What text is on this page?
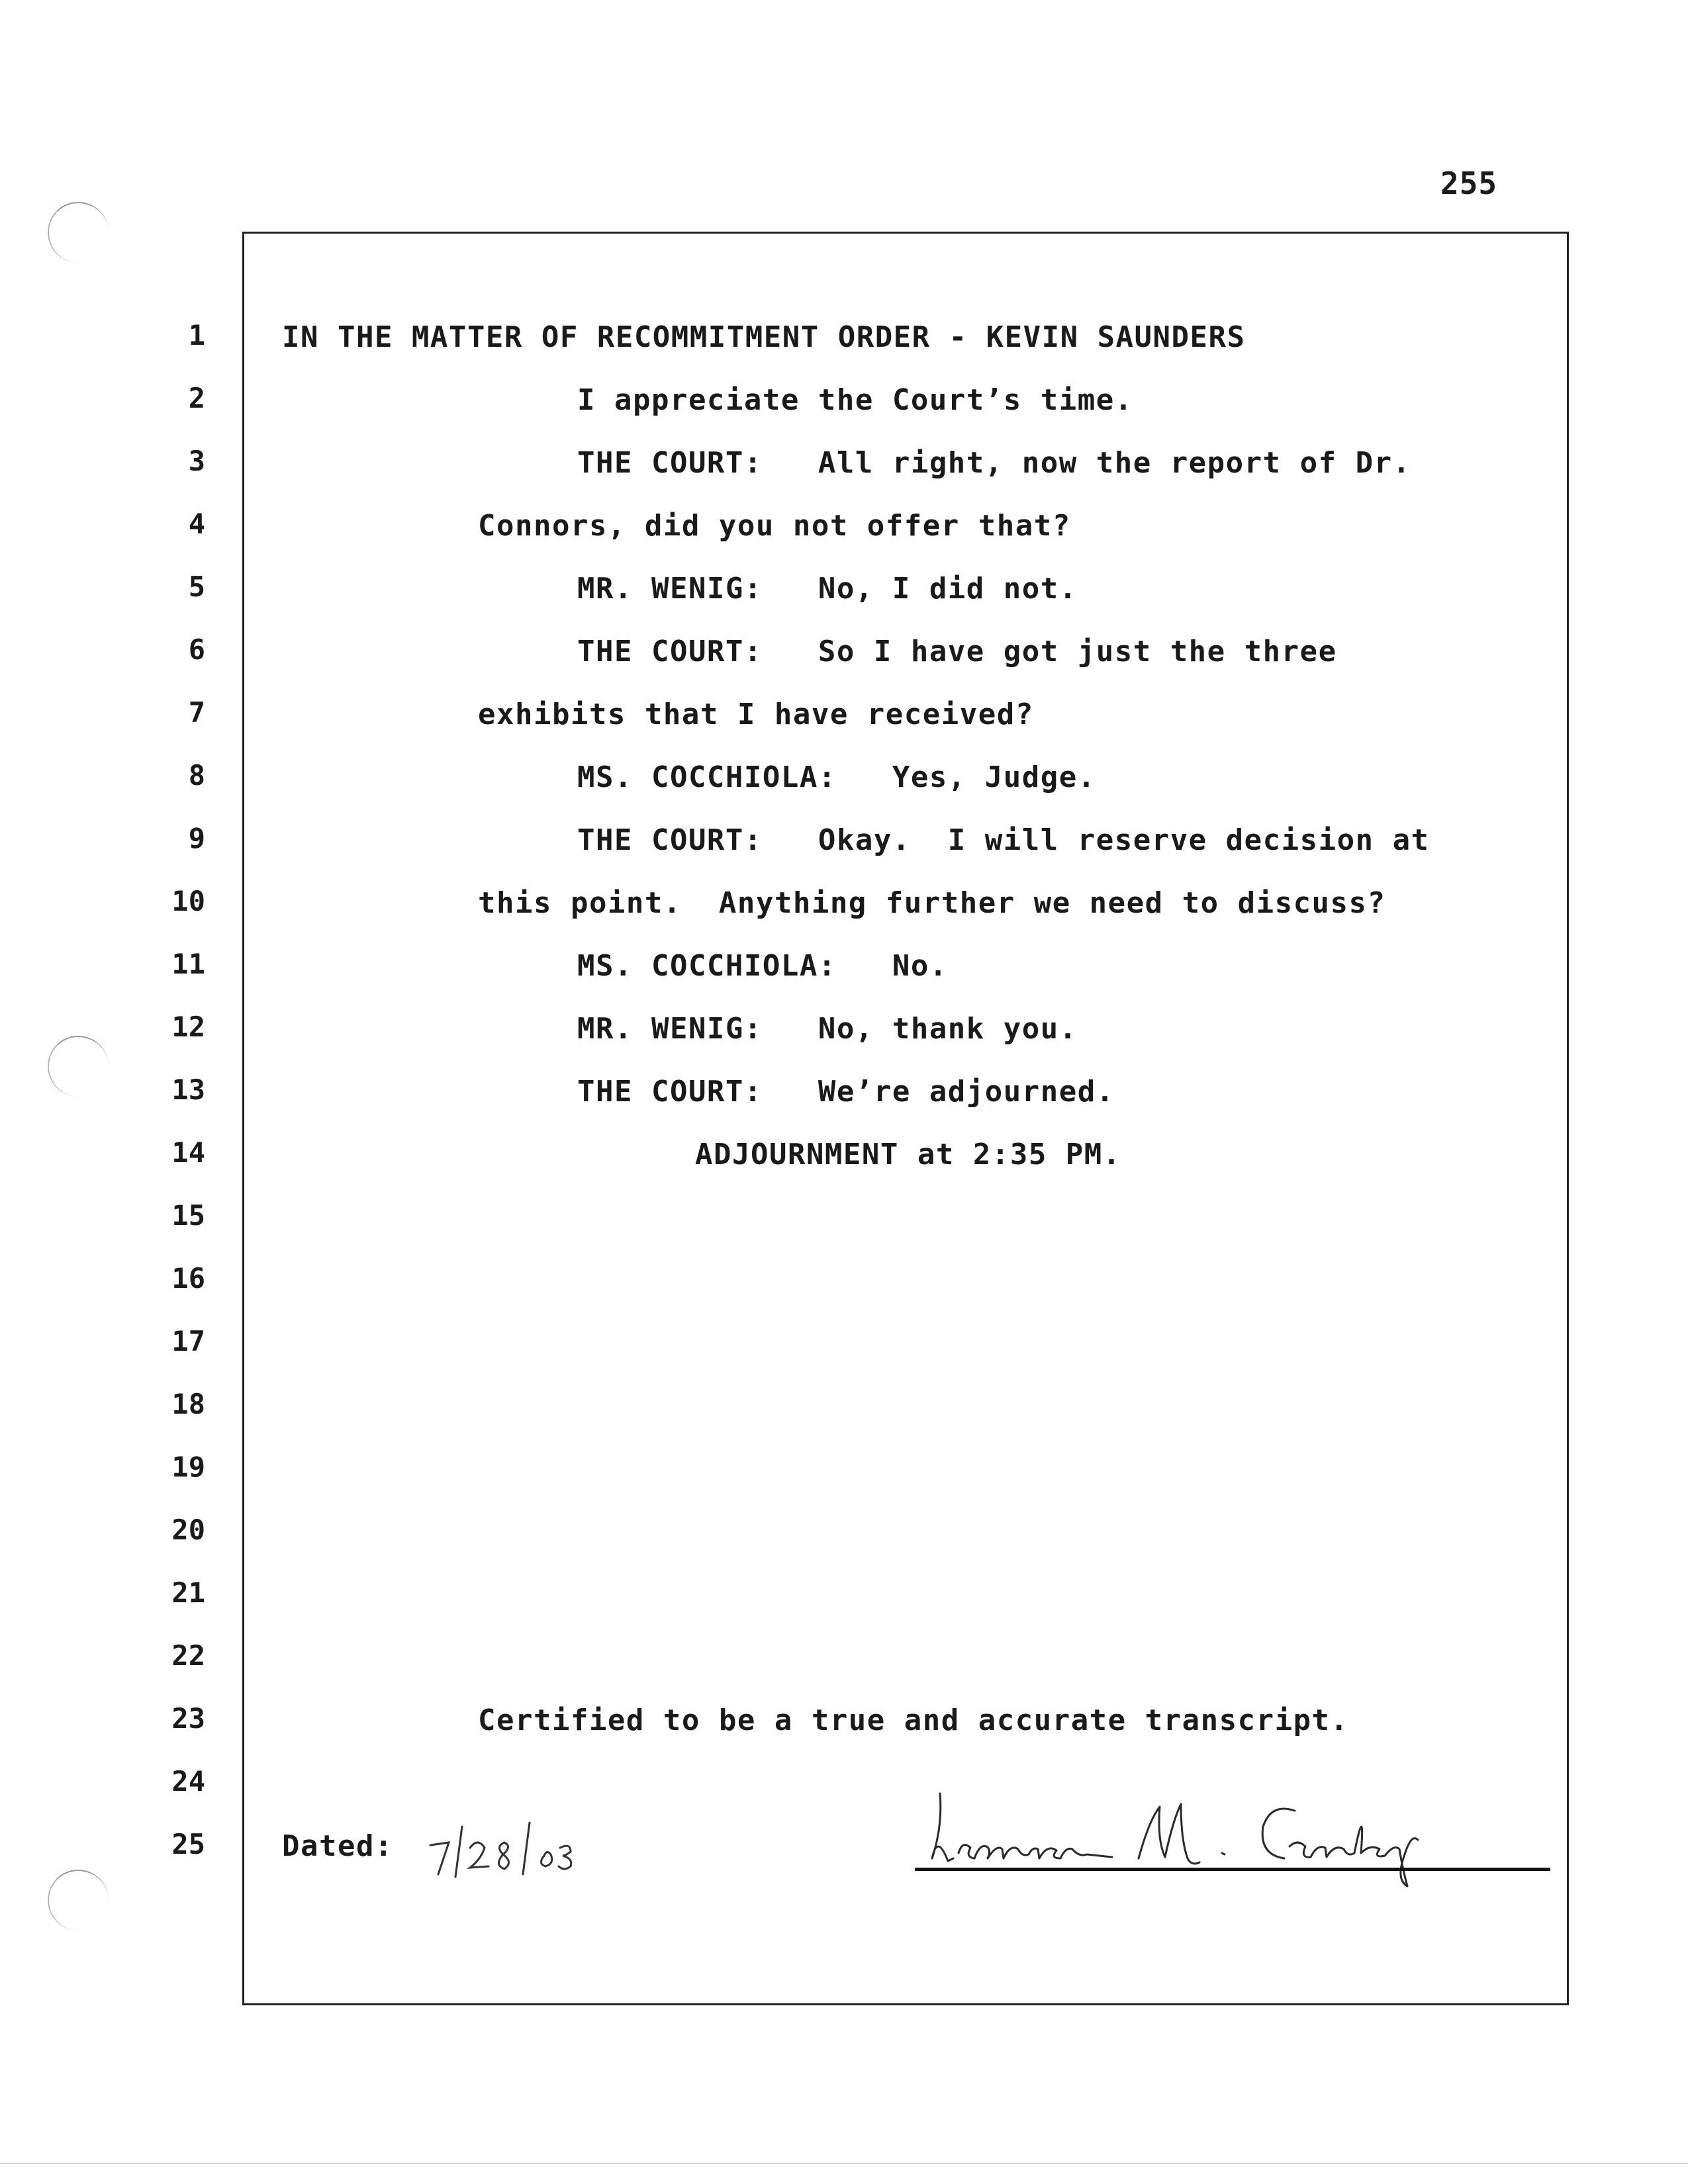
255
1
2
3
4
5
6
7
8
9
10
11
12
13
14
15
16
17
18
19
20
21
22
23
24
25
IN THE MATTER OF RECOMMITMENT ORDER - KEVIN SAUNDERS
I appreciate the Court’s time.
THE COURT:   All right, now the report of Dr.
Connors, did you not offer that?
MR. WENIG:   No, I did not.
THE COURT:   So I have got just the three
exhibits that I have received?
MS. COCCHIOLA:   Yes, Judge.
THE COURT:   Okay.  I will reserve decision at
this point.  Anything further we need to discuss?
MS. COCCHIOLA:   No.
MR. WENIG:   No, thank you.
THE COURT:   We’re adjourned.
ADJOURNMENT at 2:35 PM.
Certified to be a true and accurate transcript.
Dated:
